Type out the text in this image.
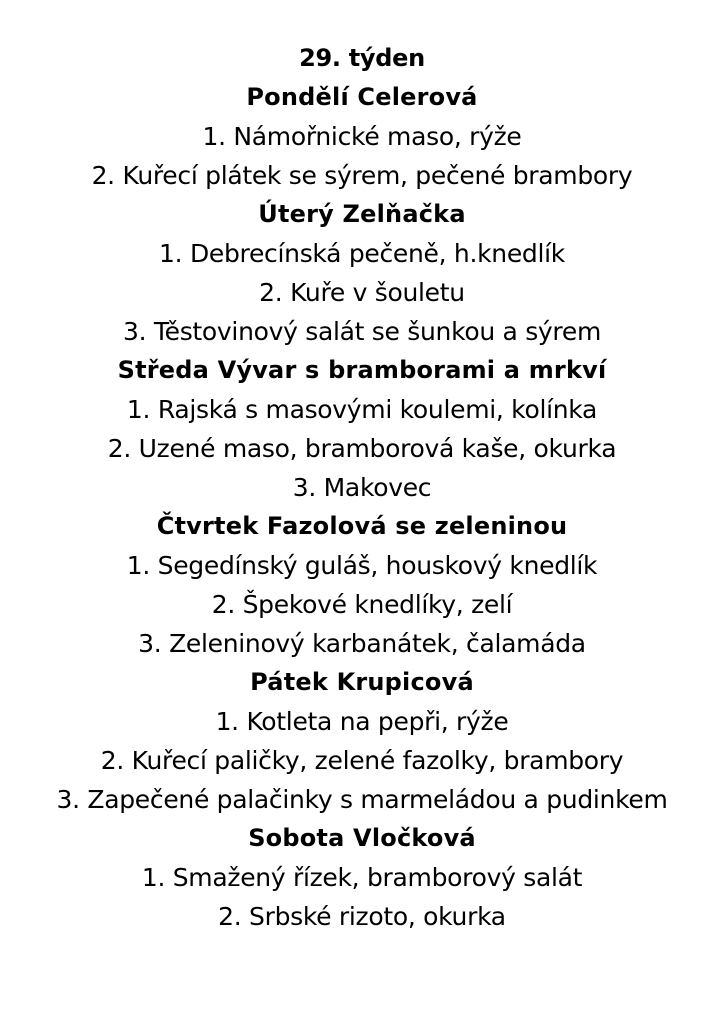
29. týden
Pondělí Celerová
1. Námořnické maso, rýže
2. Kuřecí plátek se sýrem, pečené brambory
Úterý Zelňačka
1. Debrecínská pečeně, h.knedlík
2. Kuře v šouletu
3. Těstovinový salát se šunkou a sýrem
Středa Vývar s bramborami a mrkví
1. Rajská s masovými koulemi, kolínka
2. Uzené maso, bramborová kaše, okurka
3. Makovec
Čtvrtek Fazolová se zeleninou
1. Segedínský guláš, houskový knedlík
2. Špekové knedlíky, zelí
3. Zeleninový karbanátek, čalamáda
Pátek Krupicová
1. Kotleta na pepři, rýže
2. Kuřecí paličky, zelené fazolky, brambory
3. Zapečené palačinky s marmeládou a pudinkem
Sobota Vločková
1. Smažený řízek, bramborový salát
2. Srbské rizoto, okurka
